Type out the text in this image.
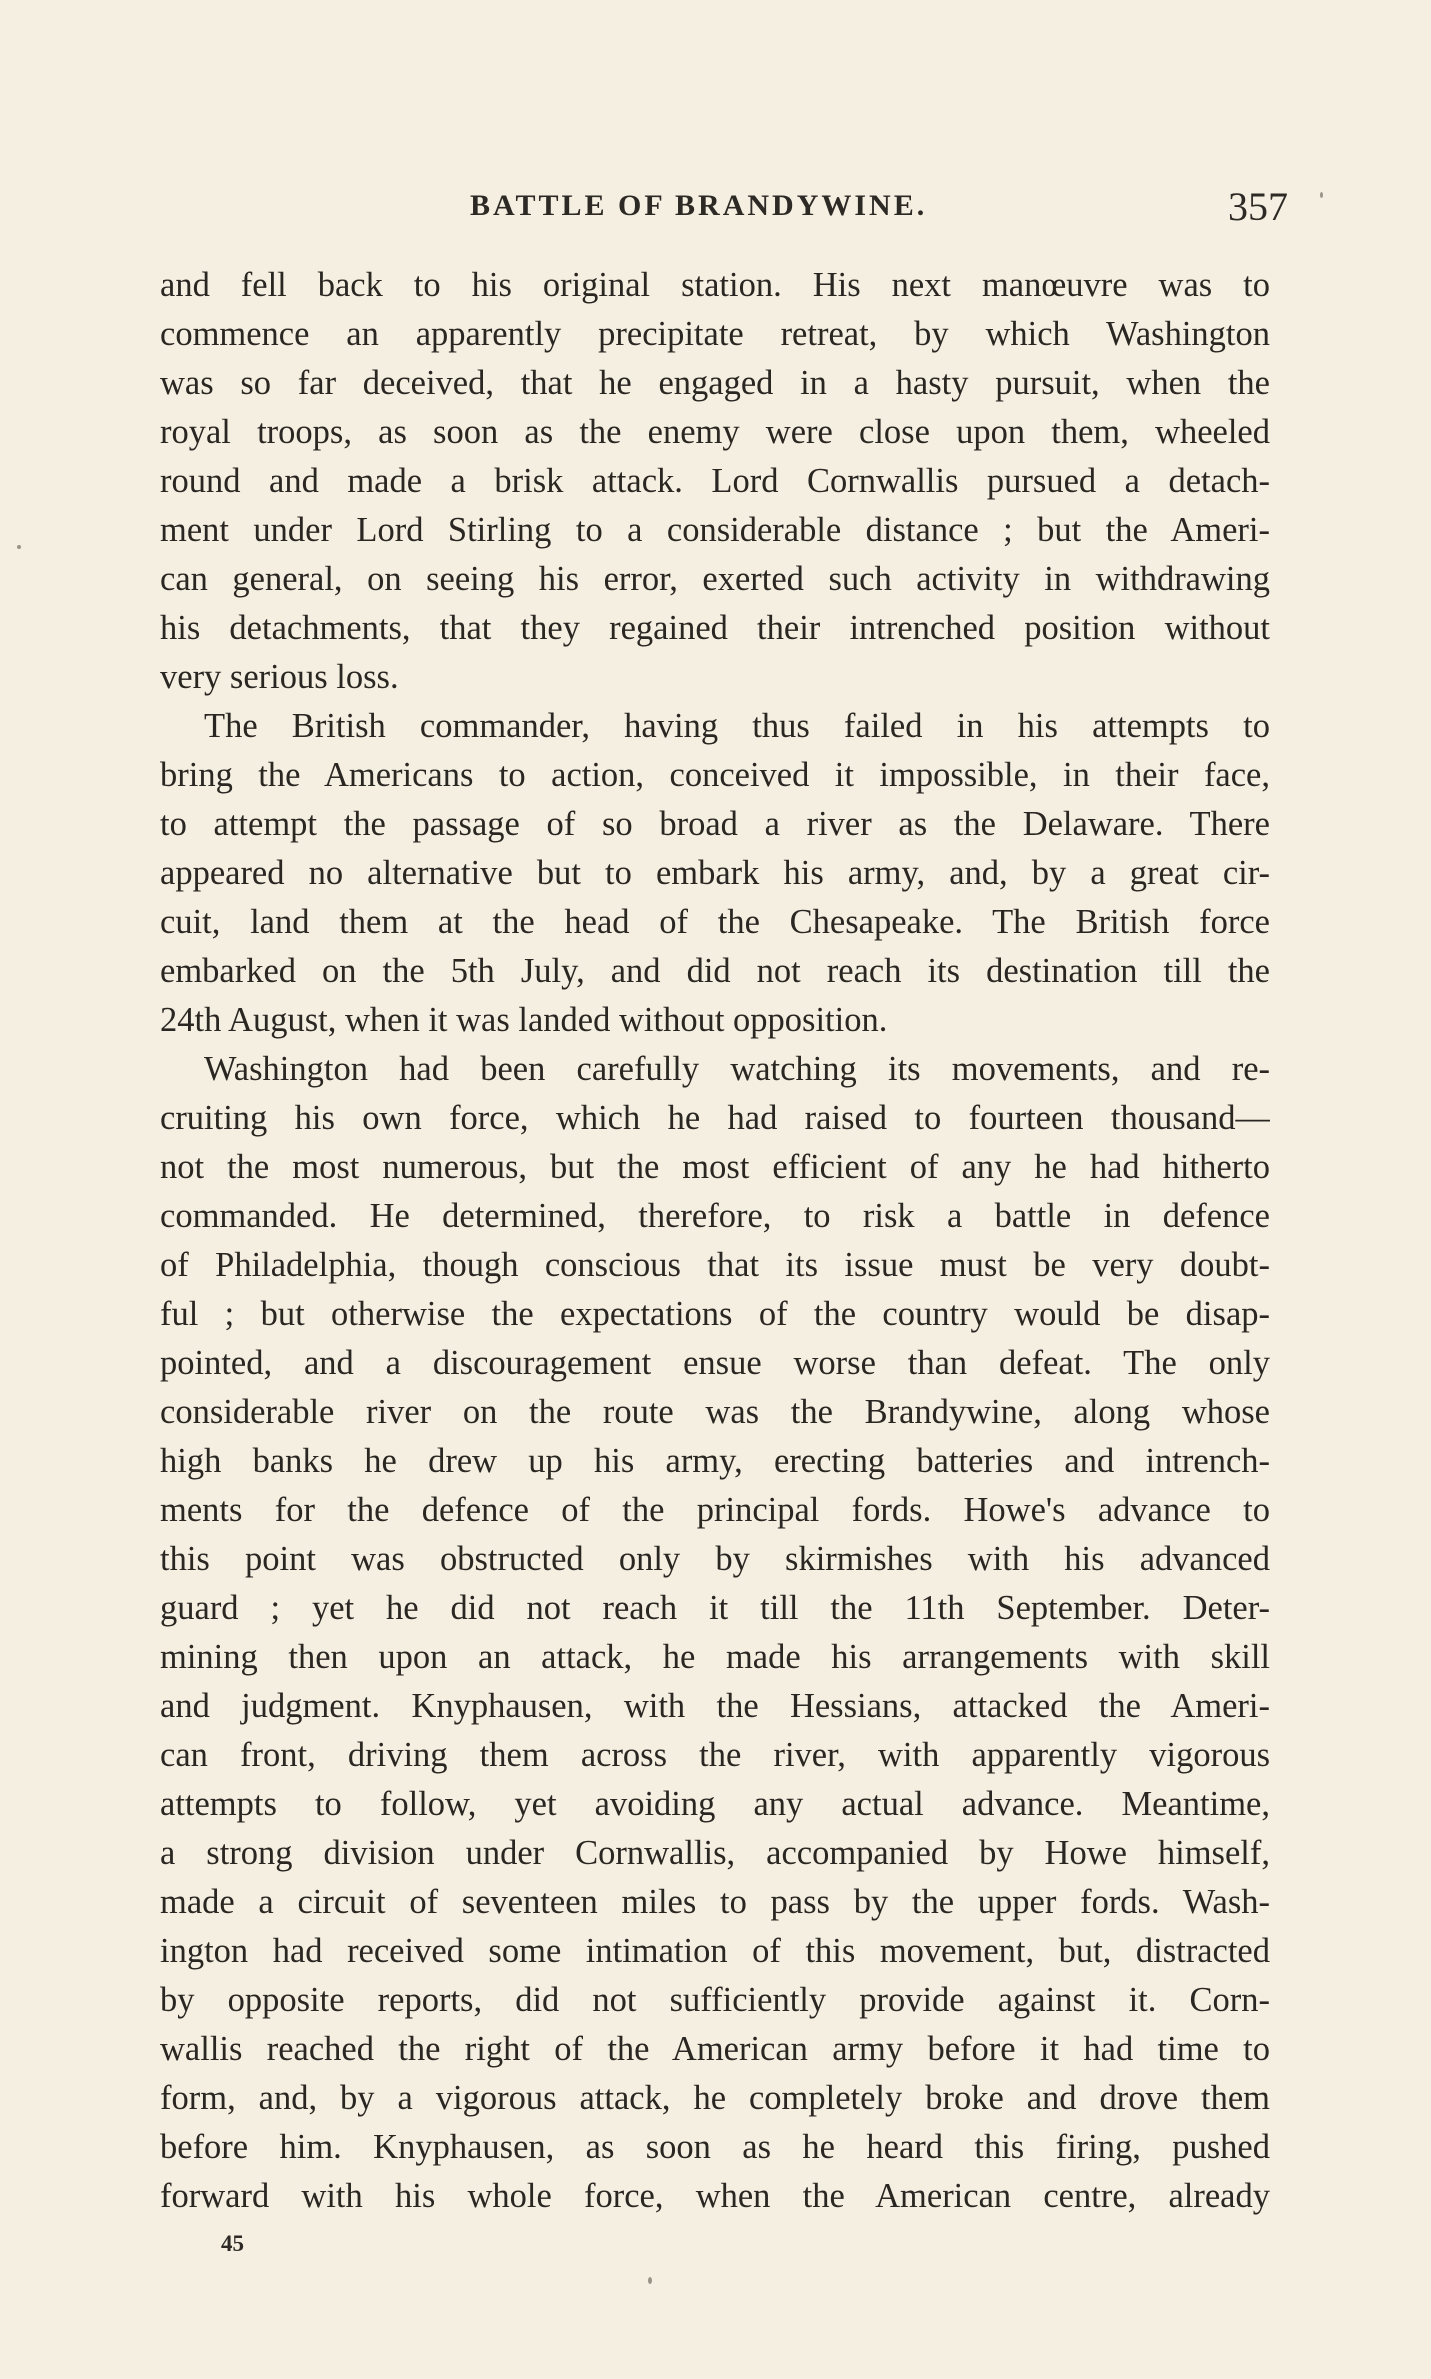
BATTLE OF BRANDYWINE.	357
and fell back to his original station. His next manœuvre was to
commence an apparently precipitate retreat, by which Washington
was so far deceived, that he engaged in a hasty pursuit, when the
royal troops, as soon as the enemy were close upon them, wheeled
round and made a brisk attack. Lord Cornwallis pursued a detach-
ment under Lord Stirling to a considerable distance ; but the Ameri-
can general, on seeing his error, exerted such activity in withdrawing
his detachments, that they regained their intrenched position without
very serious loss.
The British commander, having thus failed in his attempts to
bring the Americans to action, conceived it impossible, in their face,
to attempt the passage of so broad a river as the Delaware. There
appeared no alternative but to embark his army, and, by a great cir-
cuit, land them at the head of the Chesapeake. The British force
embarked on the 5th July, and did not reach its destination till the
24th August, when it was landed without opposition.
Washington had been carefully watching its movements, and re-
cruiting his own force, which he had raised to fourteen thousand—
not the most numerous, but the most efficient of any he had hitherto
commanded. He determined, therefore, to risk a battle in defence
of Philadelphia, though conscious that its issue must be very doubt-
ful ; but otherwise the expectations of the country would be disap-
pointed, and a discouragement ensue worse than defeat. The only
considerable river on the route was the Brandywine, along whose
high banks he drew up his army, erecting batteries and intrench-
ments for the defence of the principal fords. Howe's advance to
this point was obstructed only by skirmishes with his advanced
guard ; yet he did not reach it till the 11th September. Deter-
mining then upon an attack, he made his arrangements with skill
and judgment. Knyphausen, with the Hessians, attacked the Ameri-
can front, driving them across the river, with apparently vigorous
attempts to follow, yet avoiding any actual advance. Meantime,
a strong division under Cornwallis, accompanied by Howe himself,
made a circuit of seventeen miles to pass by the upper fords. Wash-
ington had received some intimation of this movement, but, distracted
by opposite reports, did not sufficiently provide against it. Corn-
wallis reached the right of the American army before it had time to
form, and, by a vigorous attack, he completely broke and drove them
before him. Knyphausen, as soon as he heard this firing, pushed
forward with his whole force, when the American centre, already
45
